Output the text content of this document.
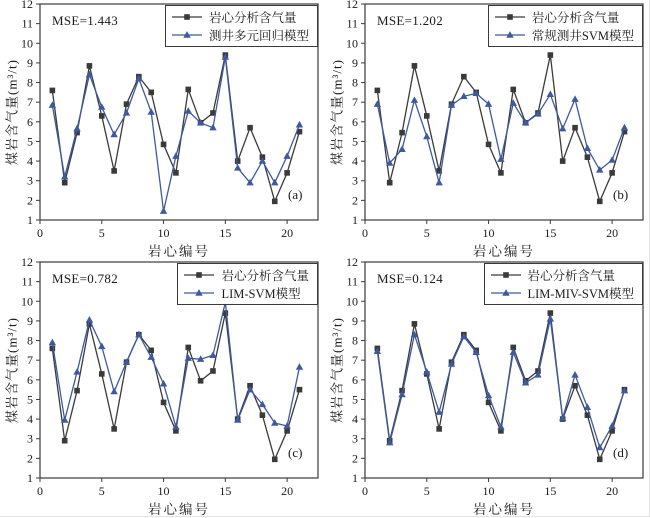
1
2
3
4
5
6
7
8
9
10
11
12
0	5	10	15	20
MSE=1.443	岩心分析含气量
测井多元回归模型
(a)
岩心编号
煤岩含气量(m³/t)
1
2
3
4
5
6
7
8
9
10
11
12
0	5	10	15	20
MSE=1.202	岩心分析含气量
常规测井SVM模型
(b)
岩心编号
煤岩含气量(m³/t)
1
2
3
4
5
6
7
8
9
10
11
12
0	5	10	15	20
MSE=0.782	岩心分析含气量
LIM-SVM模型
(c)
岩心编号
煤岩含气量(m³/t)
1
2
3
4
5
6
7
8
9
10
11
12
0	5	10	15	20
MSE=0.124	岩心分析含气量
LIM-MIV-SVM模型
(d)
岩心编号
煤岩含气量(m³/t)
